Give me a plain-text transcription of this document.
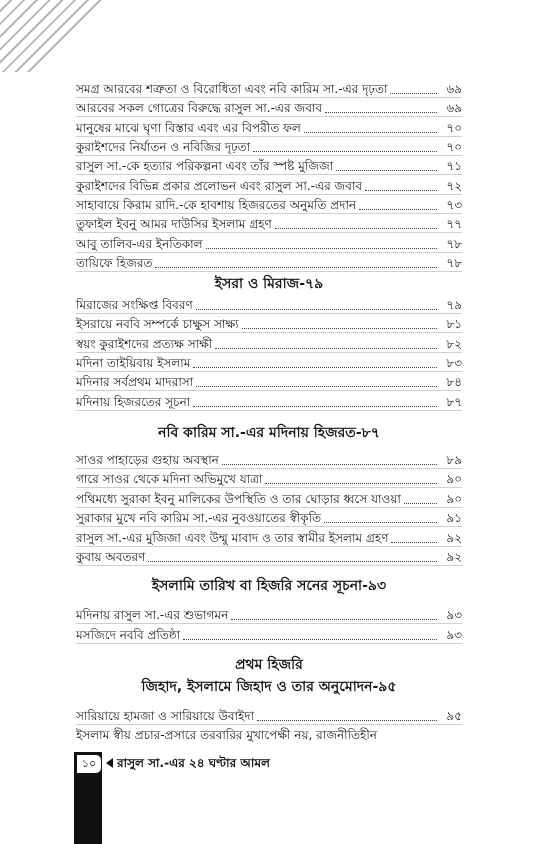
সমগ্র আরবের শত্রুতা ও বিরোধিতা এবং নবি কারিম সা.-এর দৃঢ়তা	৬৯
আরবের সকল গোত্রের বিরুদ্ধে রাসুল সা.-এর জবাব	৬৯
মানুষের মাঝে ঘৃণা বিস্তার এবং এর বিপরীত ফল	৭০
কুরাইশদের নির্যাতন ও নবিজির দৃঢ়তা	৭০
রাসুল সা.-কে হত্যার পরিকল্পনা এবং তাঁর স্পষ্ট মুজিজা	৭১
কুরাইশদের বিভিন্ন প্রকার প্রলোভন এবং রাসুল সা.-এর জবাব	৭২
সাহাবায়ে কিরাম রাদি.-কে হাবশায় হিজরতের অনুমতি প্রদান	৭৩
তুফাইল ইবনু আমর দাউসির ইসলাম গ্রহণ	৭৭
আবু তালিব-এর ইনতিকাল	৭৮
তায়িফে হিজরত	৭৮
ইসরা ও মিরাজ-৭৯
মিরাজের সংক্ষিপ্ত বিবরণ	৭৯
ইসরায়ে নববি সম্পর্কে চাক্ষুস সাক্ষ্য	৮১
স্বয়ং কুরাইশদের প্রত্যক্ষ সাক্ষী	৮২
মদিনা তাইয়িবায় ইসলাম	৮৩
মদিনার সর্বপ্রথম মাদরাসা	৮৪
মদিনায় হিজরতের সূচনা	৮৭
নবি কারিম সা.-এর মদিনায় হিজরত-৮৭
সাওর পাহাড়ের গুহায় অবস্থান	৮৯
গারে সাওর থেকে মদিনা অভিমুখে যাত্রা	৯০
পথিমধ্যে সুরাকা ইবনু মালিকের উপস্থিতি ও তার ঘোড়ার ধ্বসে যাওয়া	৯০
সুরাকার মুখে নবি কারিম সা.-এর নুবওয়াতের স্বীকৃতি	৯১
রাসুল সা.-এর মুজিজা এবং উম্মু মাবাদ ও তার স্বামীর ইসলাম গ্রহণ	৯২
কুবায় অবতরণ	৯২
ইসলামি তারিখ বা হিজরি সনের সূচনা-৯৩
মদিনায় রাসুল সা.-এর শুভাগমন	৯৩
মসজিদে নববি প্রতিষ্ঠা	৯৩
প্রথম হিজরি
জিহাদ, ইসলামে জিহাদ ও তার অনুমোদন-৯৫
সারিয়ায়ে হামজা ও সারিয়ায়ে উবাইদা	৯৫
ইসলাম স্বীয় প্রচার-প্রসারে তরবারির মুখাপেক্ষী নয়, রাজনীতিহীন
১০	রাসুল সা.-এর ২৪ ঘণ্টার আমল
